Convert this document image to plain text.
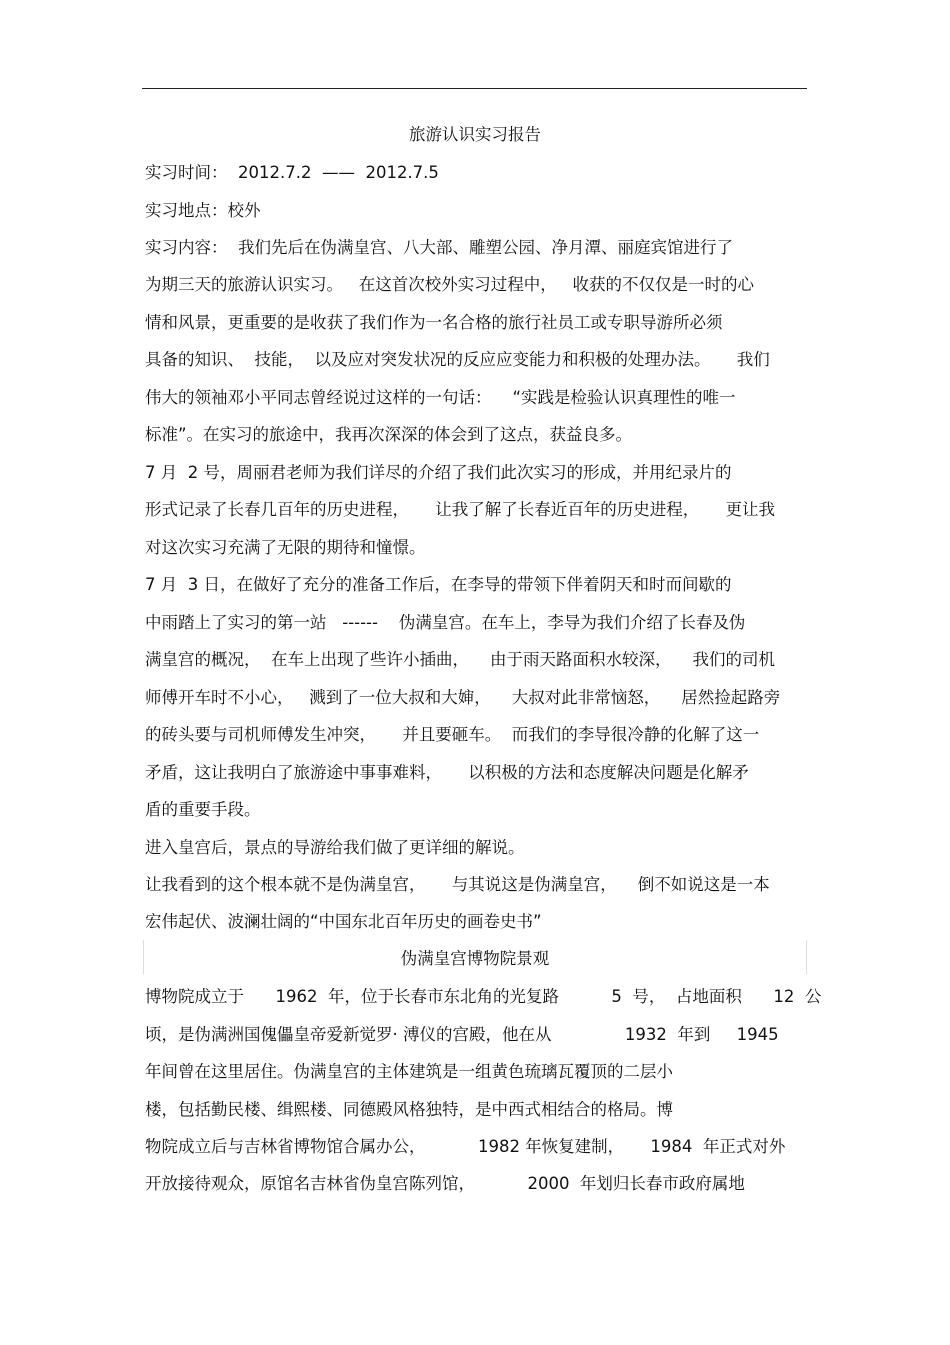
旅游认识实习报告
实习时间：  2012.7.2  ——  2012.7.5
实习地点：校外
实习内容：  我们先后在伪满皇宫、八大部、雕塑公园、净月潭、丽庭宾馆进行了
为期三天的旅游认识实习。   在这首次校外实习过程中，   收获的不仅仅是一时的心
情和风景，更重要的是收获了我们作为一名合格的旅行社员工或专职导游所必须
具备的知识、  技能，  以及应对突发状况的反应应变能力和积极的处理办法。     我们
伟大的领袖邓小平同志曾经说过这样的一句话：    “实践是检验认识真理性的唯一
标准”。在实习的旅途中，我再次深深的体会到了这点，获益良多。
7 月  2 号，周丽君老师为我们详尽的介绍了我们此次实习的形成，并用纪录片的
形式记录了长春几百年的历史进程，     让我了解了长春近百年的历史进程，     更让我
对这次实习充满了无限的期待和憧憬。
7 月  3 日，在做好了充分的准备工作后，在李导的带领下伴着阴天和时而间歇的
中雨踏上了实习的第一站   ------    伪满皇宫。在车上，李导为我们介绍了长春及伪
满皇宫的概况，  在车上出现了些许小插曲，    由于雨天路面积水较深，    我们的司机
师傅开车时不小心，   溅到了一位大叔和大婶，    大叔对此非常恼怒，    居然捡起路旁
的砖头要与司机师傅发生冲突，     并且要砸车。  而我们的李导很冷静的化解了这一
矛盾，这让我明白了旅游途中事事难料，     以积极的方法和态度解决问题是化解矛
盾的重要手段。
进入皇宫后，景点的导游给我们做了更详细的解说。
让我看到的这个根本就不是伪满皇宫，     与其说这是伪满皇宫，    倒不如说这是一本
宏伟起伏、波澜壮阔的“中国东北百年历史的画卷史书”
伪满皇宫博物院景观
博物院成立于      1962  年，位于长春市东北角的光复路          5  号，  占地面积      12  公
顷，是伪满洲国傀儡皇帝爱新觉罗· 溥仪的宫殿，他在从              1932  年到     1945
年间曾在这里居住。伪满皇宫的主体建筑是一组黄色琉璃瓦覆顶的二层小
楼，包括勤民楼、缉熙楼、同德殿风格独特，是中西式相结合的格局。博
物院成立后与吉林省博物馆合属办公，          1982 年恢复建制，     1984  年正式对外
开放接待观众，原馆名吉林省伪皇宫陈列馆，          2000  年划归长春市政府属地
